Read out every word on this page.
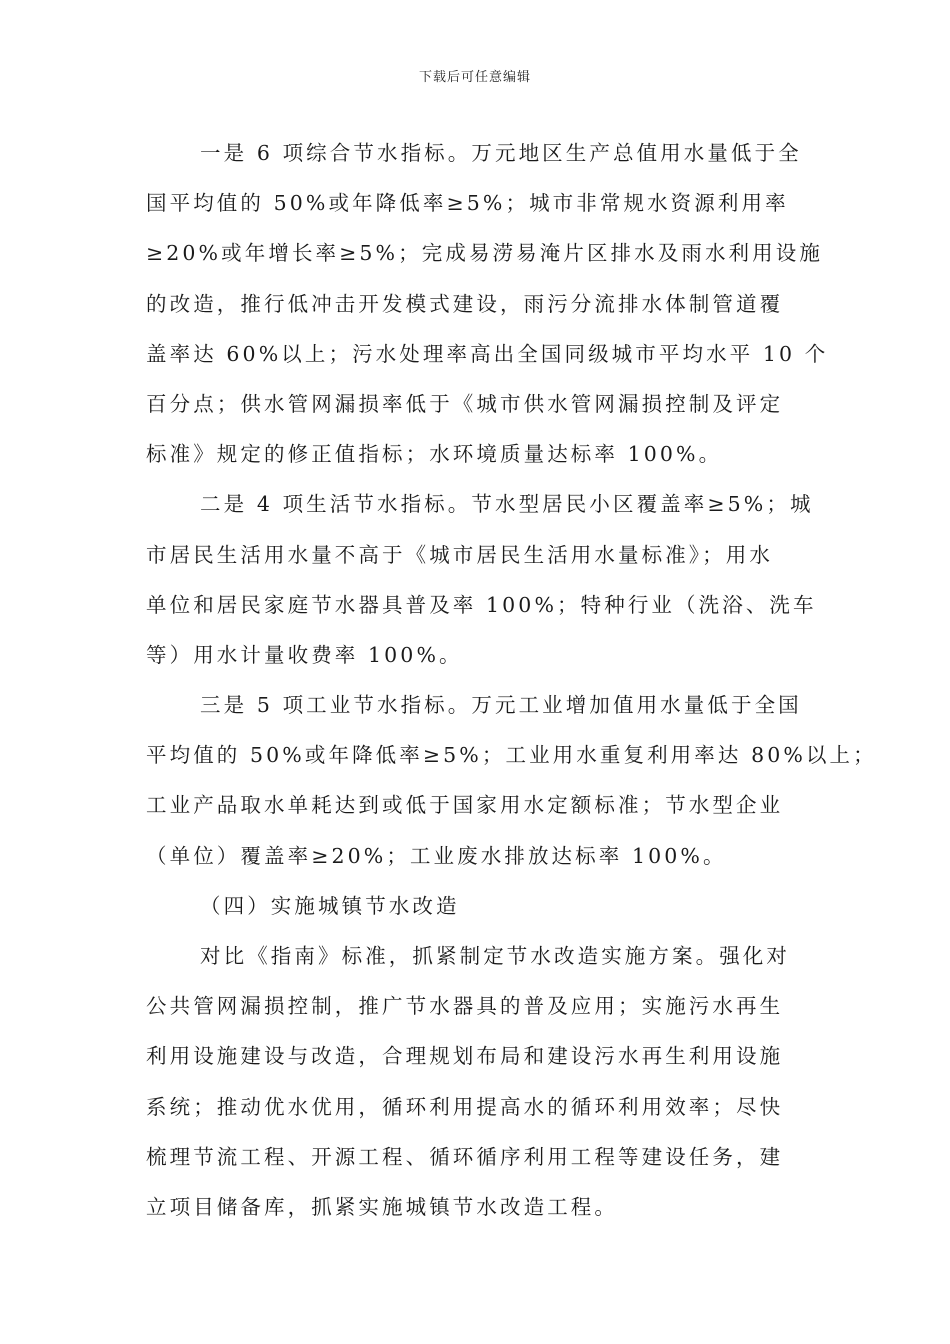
下载后可任意编辑
一是 6 项综合节水指标。万元地区生产总值用水量低于全
国平均值的 50%或年降低率≥5%；城市非常规水资源利用率
≥20%或年增长率≥5%；完成易涝易淹片区排水及雨水利用设施
的改造，推行低冲击开发模式建设，雨污分流排水体制管道覆
盖率达 60%以上；污水处理率高出全国同级城市平均水平 10 个
百分点；供水管网漏损率低于《城市供水管网漏损控制及评定
标准》规定的修正值指标；水环境质量达标率 100%。
二是 4 项生活节水指标。节水型居民小区覆盖率≥5%；城
市居民生活用水量不高于《城市居民生活用水量标准》；用水
单位和居民家庭节水器具普及率 100%；特种行业（洗浴、洗车
等）用水计量收费率 100%。
三是 5 项工业节水指标。万元工业增加值用水量低于全国
平均值的 50%或年降低率≥5%；工业用水重复利用率达 80%以上；
工业产品取水单耗达到或低于国家用水定额标准；节水型企业
（单位）覆盖率≥20%；工业废水排放达标率 100%。
（四）实施城镇节水改造
对比《指南》标准，抓紧制定节水改造实施方案。强化对
公共管网漏损控制，推广节水器具的普及应用；实施污水再生
利用设施建设与改造，合理规划布局和建设污水再生利用设施
系统；推动优水优用，循环利用提高水的循环利用效率；尽快
梳理节流工程、开源工程、循环循序利用工程等建设任务，建
立项目储备库，抓紧实施城镇节水改造工程。
